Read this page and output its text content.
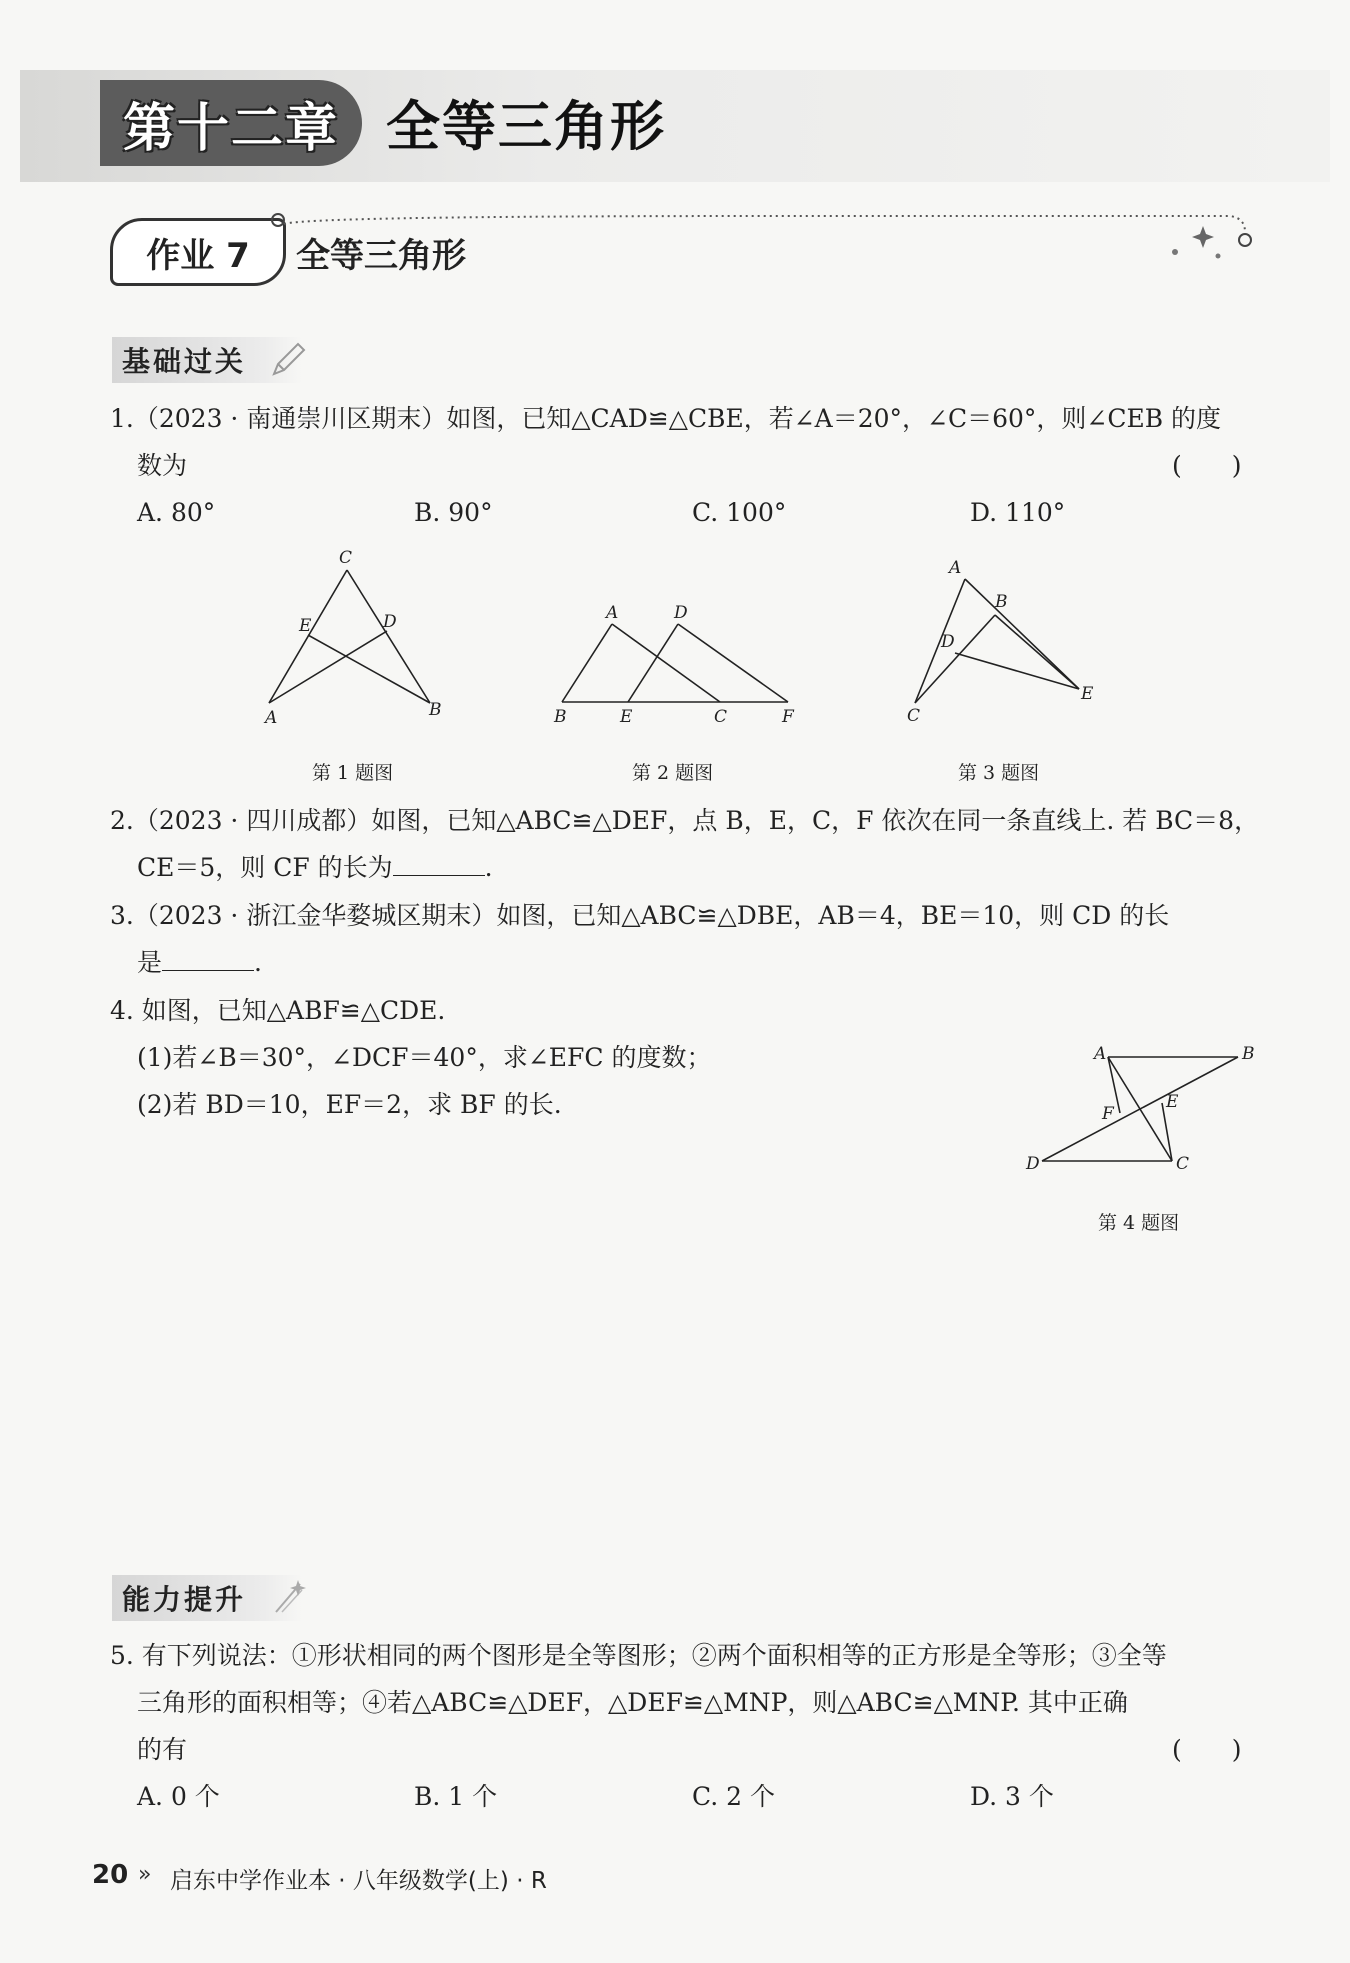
第十二章 全等三角形
作业 7	全等三角形
基础过关
1.（2023 · 南通崇川区期末）如图，已知△CAD≌△CBE，若∠A＝20°，∠C＝60°，则∠CEB 的度
数为	(　　)
A. 80°	B. 90°	C. 100°	D. 110°
C
E	D
A	B
第 1 题图
A	D
B	E	C	F
第 2 题图
A
B
D
C
E
第 3 题图
2.（2023 · 四川成都）如图，已知△ABC≌△DEF，点 B，E，C，F 依次在同一条直线上. 若 BC＝8，
CE＝5，则 CF 的长为	.
3.（2023 · 浙江金华婺城区期末）如图，已知△ABC≌△DBE，AB＝4，BE＝10，则 CD 的长
是	.
4. 如图，已知△ABF≌△CDE.
(1)若∠B＝30°，∠DCF＝40°，求∠EFC 的度数；
(2)若 BD＝10，EF＝2，求 BF 的长.
A	B
F
E
D	C
第 4 题图
能力提升
5. 有下列说法：①形状相同的两个图形是全等图形；②两个面积相等的正方形是全等形；③全等
三角形的面积相等；④若△ABC≌△DEF，△DEF≌△MNP，则△ABC≌△MNP. 其中正确
的有	(　　)
A. 0 个	B. 1 个	C. 2 个	D. 3 个
20 » 启东中学作业本 · 八年级数学(上) · R
